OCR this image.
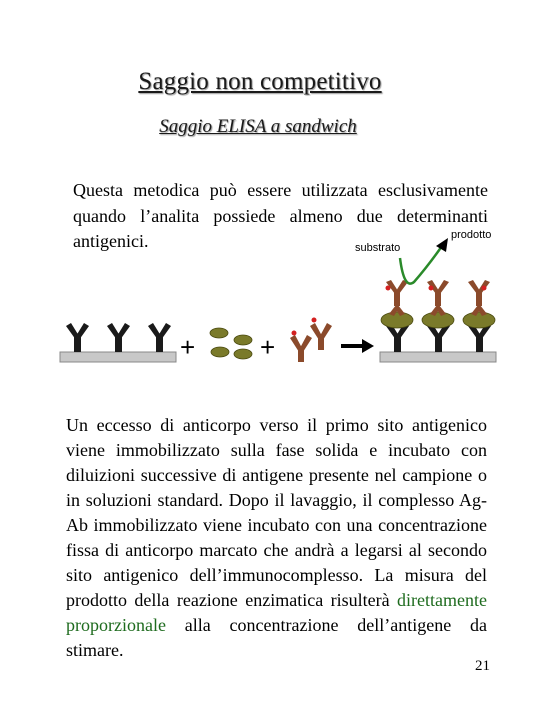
Saggio non competitivo
Saggio ELISA a sandwich
Questa metodica può essere utilizzata esclusivamente quando l’analita possiede almeno due determinanti antigenici.
+ +
substrato
prodotto
Un eccesso di anticorpo verso il primo sito antigenico viene immobilizzato sulla fase solida e incubato con diluizioni successive di antigene presente nel campione o in soluzioni standard. Dopo il lavaggio, il complesso Ag-Ab immobilizzato viene incubato con una concentrazione fissa di anticorpo marcato che andrà a legarsi al secondo sito antigenico dell’immunocomplesso. La misura del prodotto della reazione enzimatica risulterà direttamente proporzionale alla concentrazione dell’antigene da stimare.
21
